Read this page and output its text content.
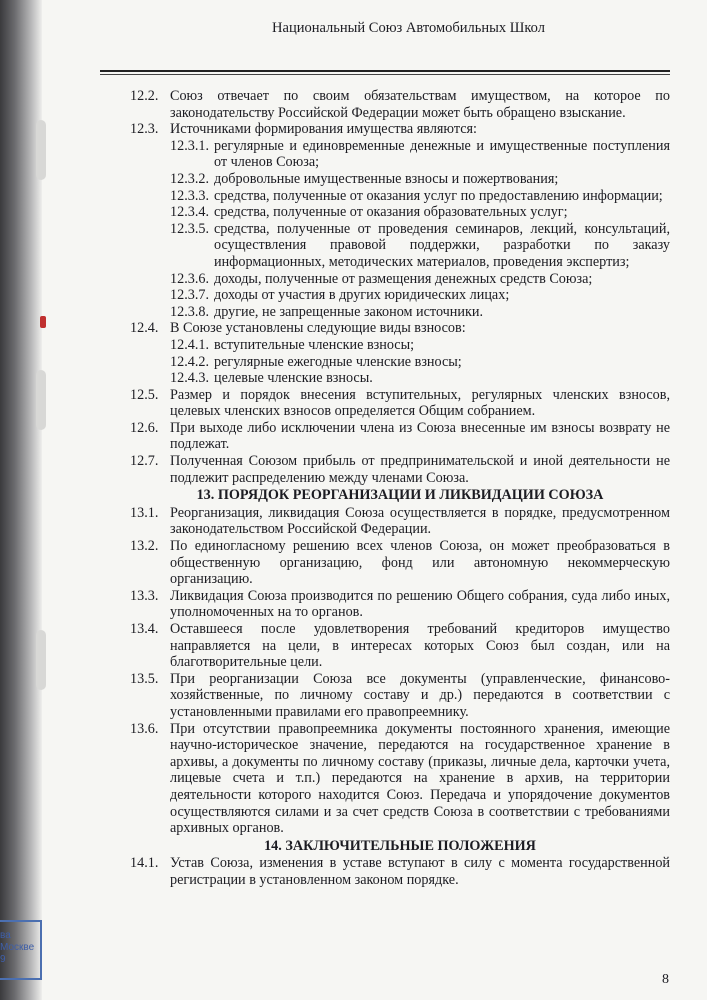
Национальный Союз Автомобильных Школ
12.2. Союз отвечает по своим обязательствам имуществом, на которое по законодательству Российской Федерации может быть обращено взыскание.
12.3. Источниками формирования имущества являются:
12.3.1. регулярные и единовременные денежные и имущественные поступления от членов Союза;
12.3.2. добровольные имущественные взносы и пожертвования;
12.3.3. средства, полученные от оказания услуг по предоставлению информации;
12.3.4. средства, полученные от оказания образовательных услуг;
12.3.5. средства, полученные от проведения семинаров, лекций, консультаций, осуществления правовой поддержки, разработки по заказу информационных, методических материалов, проведения экспертиз;
12.3.6. доходы, полученные от размещения денежных средств Союза;
12.3.7. доходы от участия в других юридических лицах;
12.3.8. другие, не запрещенные законом источники.
12.4. В Союзе установлены следующие виды взносов:
12.4.1. вступительные членские взносы;
12.4.2. регулярные ежегодные членские взносы;
12.4.3. целевые членские взносы.
12.5. Размер и порядок внесения вступительных, регулярных членских взносов, целевых членских взносов определяется Общим собранием.
12.6. При выходе либо исключении члена из Союза внесенные им взносы возврату не подлежат.
12.7. Полученная Союзом прибыль от предпринимательской и иной деятельности не подлежит распределению между членами Союза.
13. ПОРЯДОК РЕОРГАНИЗАЦИИ И ЛИКВИДАЦИИ СОЮЗА
13.1. Реорганизация, ликвидация Союза осуществляется в порядке, предусмотренном законодательством Российской Федерации.
13.2. По единогласному решению всех членов Союза, он может преобразоваться в общественную организацию, фонд или автономную некоммерческую организацию.
13.3. Ликвидация Союза производится по решению Общего собрания, суда либо иных, уполномоченных на то органов.
13.4. Оставшееся после удовлетворения требований кредиторов имущество направляется на цели, в интересах которых Союз был создан, или на благотворительные цели.
13.5. При реорганизации Союза все документы (управленческие, финансово-хозяйственные, по личному составу и др.) передаются в соответствии с установленными правилами его правопреемнику.
13.6. При отсутствии правопреемника документы постоянного хранения, имеющие научно-историческое значение, передаются на государственное хранение в архивы, а документы по личному составу (приказы, личные дела, карточки учета, лицевые счета и т.п.) передаются на хранение в архив, на территории деятельности которого находится Союз. Передача и упорядочение документов осуществляются силами и за счет средств Союза в соответствии с требованиями архивных органов.
14. ЗАКЛЮЧИТЕЛЬНЫЕ ПОЛОЖЕНИЯ
14.1. Устав Союза, изменения в уставе вступают в силу с момента государственной регистрации в установленном законом порядке.
ва
Москве
9
8
